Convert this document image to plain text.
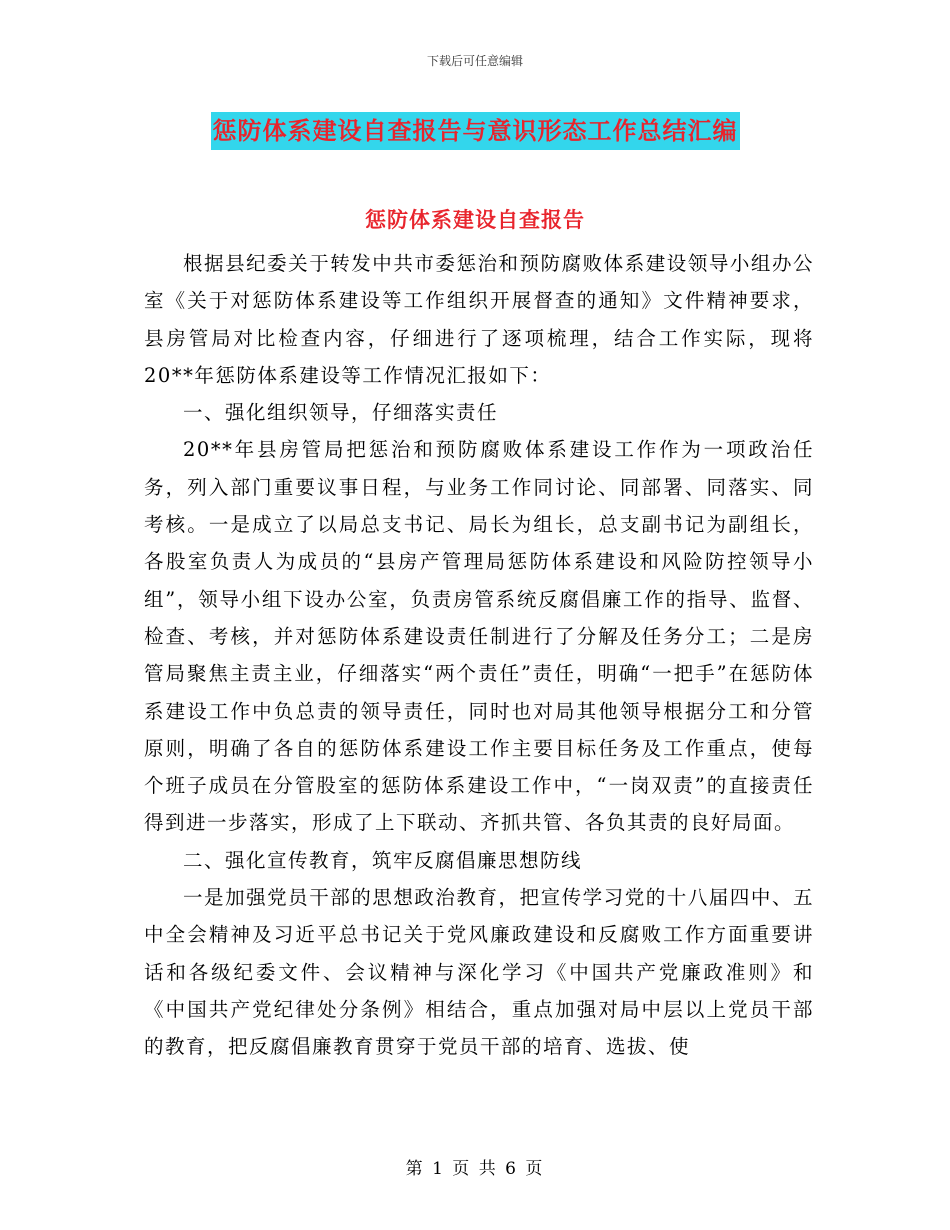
下载后可任意编辑
惩防体系建设自查报告与意识形态工作总结汇编
惩防体系建设自查报告

根据县纪委关于转发中共市委惩治和预防腐败体系建设领导小组办公室《关于对惩防体系建设等工作组织开展督查的通知》文件精神要求，县房管局对比检查内容，仔细进行了逐项梳理，结合工作实际，现将20**年惩防体系建设等工作情况汇报如下：

一、强化组织领导，仔细落实责任

20**年县房管局把惩治和预防腐败体系建设工作作为一项政治任务，列入部门重要议事日程，与业务工作同讨论、同部署、同落实、同考核。一是成立了以局总支书记、局长为组长，总支副书记为副组长，各股室负责人为成员的“县房产管理局惩防体系建设和风险防控领导小组”，领导小组下设办公室，负责房管系统反腐倡廉工作的指导、监督、检查、考核，并对惩防体系建设责任制进行了分解及任务分工；二是房管局聚焦主责主业，仔细落实“两个责任”责任，明确“一把手”在惩防体系建设工作中负总责的领导责任，同时也对局其他领导根据分工和分管原则，明确了各自的惩防体系建设工作主要目标任务及工作重点，使每个班子成员在分管股室的惩防体系建设工作中，“一岗双责”的直接责任得到进一步落实，形成了上下联动、齐抓共管、各负其责的良好局面。

二、强化宣传教育，筑牢反腐倡廉思想防线

一是加强党员干部的思想政治教育，把宣传学习党的十八届四中、五中全会精神及习近平总书记关于党风廉政建设和反腐败工作方面重要讲话和各级纪委文件、会议精神与深化学习《中国共产党廉政准则》和《中国共产党纪律处分条例》相结合，重点加强对局中层以上党员干部的教育，把反腐倡廉教育贯穿于党员干部的培育、选拔、使

第 1 页 共 6 页
